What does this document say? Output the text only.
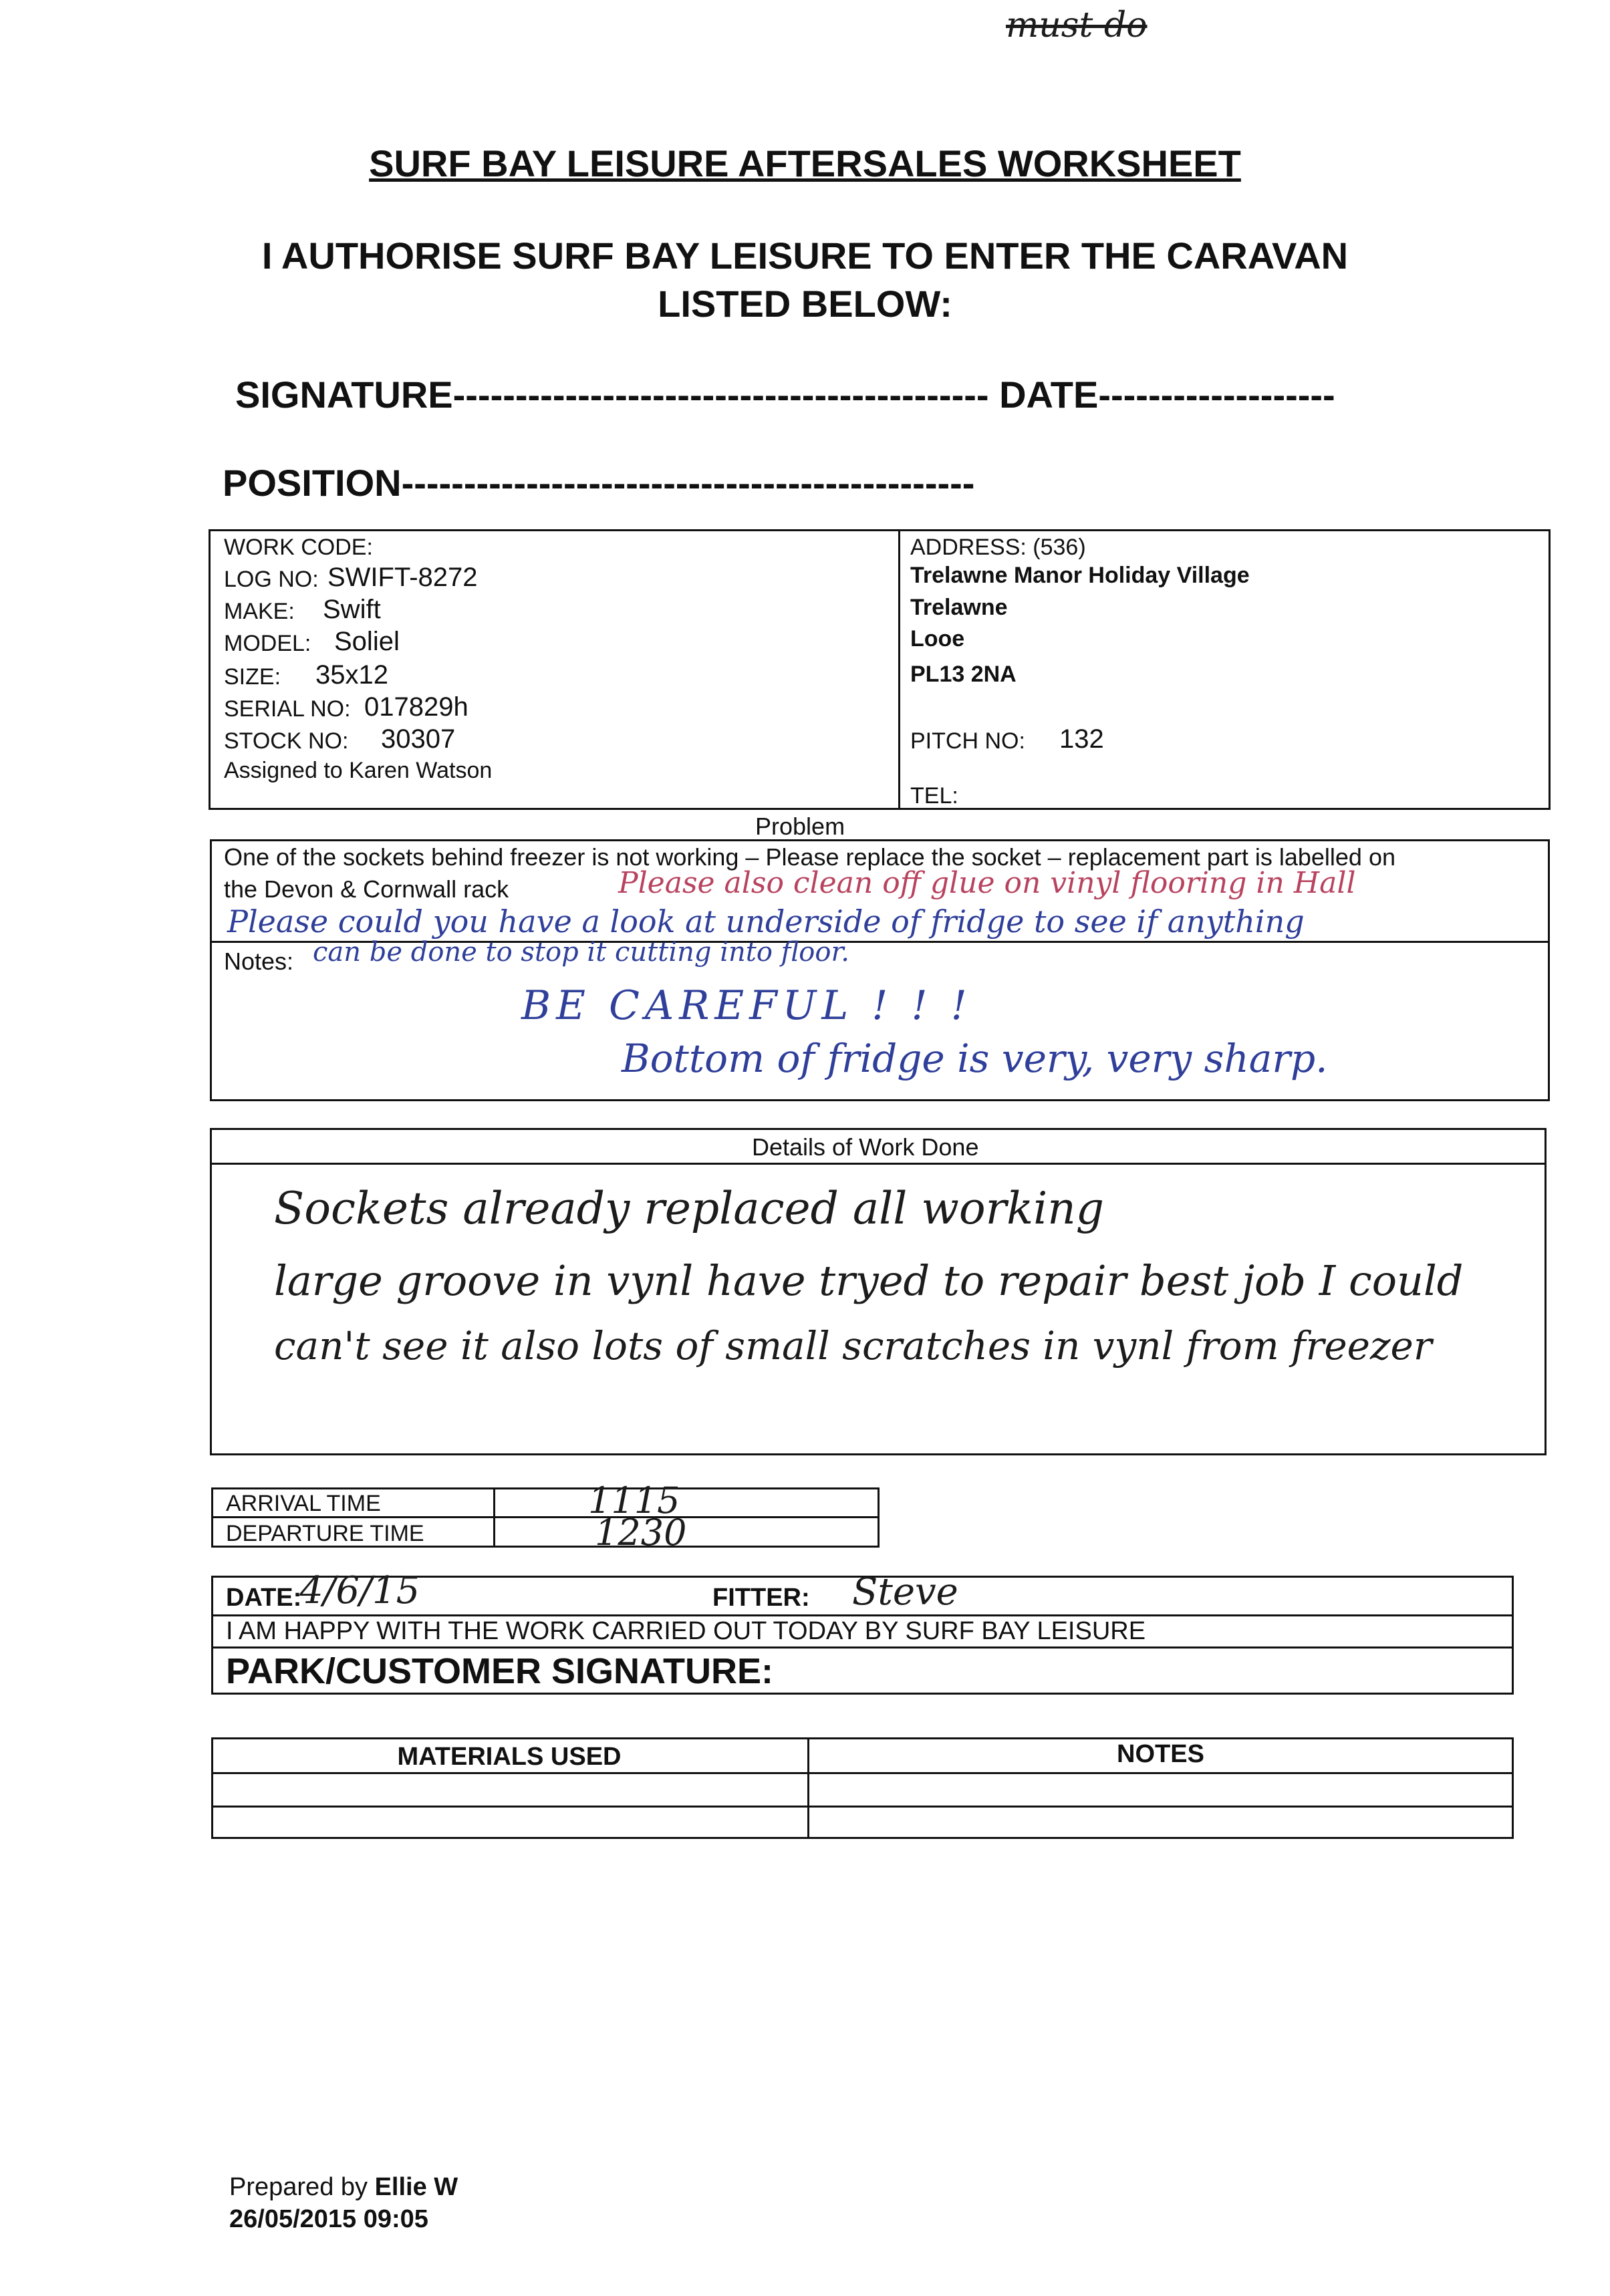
must do
SURF BAY LEISURE AFTERSALES WORKSHEET
I AUTHORISE SURF BAY LEISURE TO ENTER THE CARAVAN
LISTED BELOW:
SIGNATURE------------------------------------------- DATE-------------------
POSITION----------------------------------------------
WORK CODE:
LOG NO: SWIFT-8272
MAKE: Swift
MODEL: Soliel
SIZE: 35x12
SERIAL NO: 017829h
STOCK NO: 30307
Assigned to Karen Watson
ADDRESS: (536)
Trelawne Manor Holiday Village
Trelawne
Looe
PL13 2NA
PITCH NO: 132
TEL:
Problem
One of the sockets behind freezer is not working – Please replace the socket – replacement part is labelled on
the Devon & Cornwall rack	Please also clean off glue on vinyl flooring in Hall
Please could you have a look at underside of fridge to see if anything
Notes: can be done to stop it cutting into floor.
BE CAREFUL ! ! !
Bottom of fridge is very, very sharp.
Details of Work Done
Sockets already replaced all working
large groove in vynl have tryed to repair best job I could
can't see it also lots of small scratches in vynl from freezer
ARRIVAL TIME	1115
DEPARTURE TIME	1230
DATE:
4/6/15	FITTER: Steve
I AM HAPPY WITH THE WORK CARRIED OUT TODAY BY SURF BAY LEISURE
PARK/CUSTOMER SIGNATURE:
MATERIALS USED	NOTES
Prepared by Ellie W
26/05/2015 09:05
